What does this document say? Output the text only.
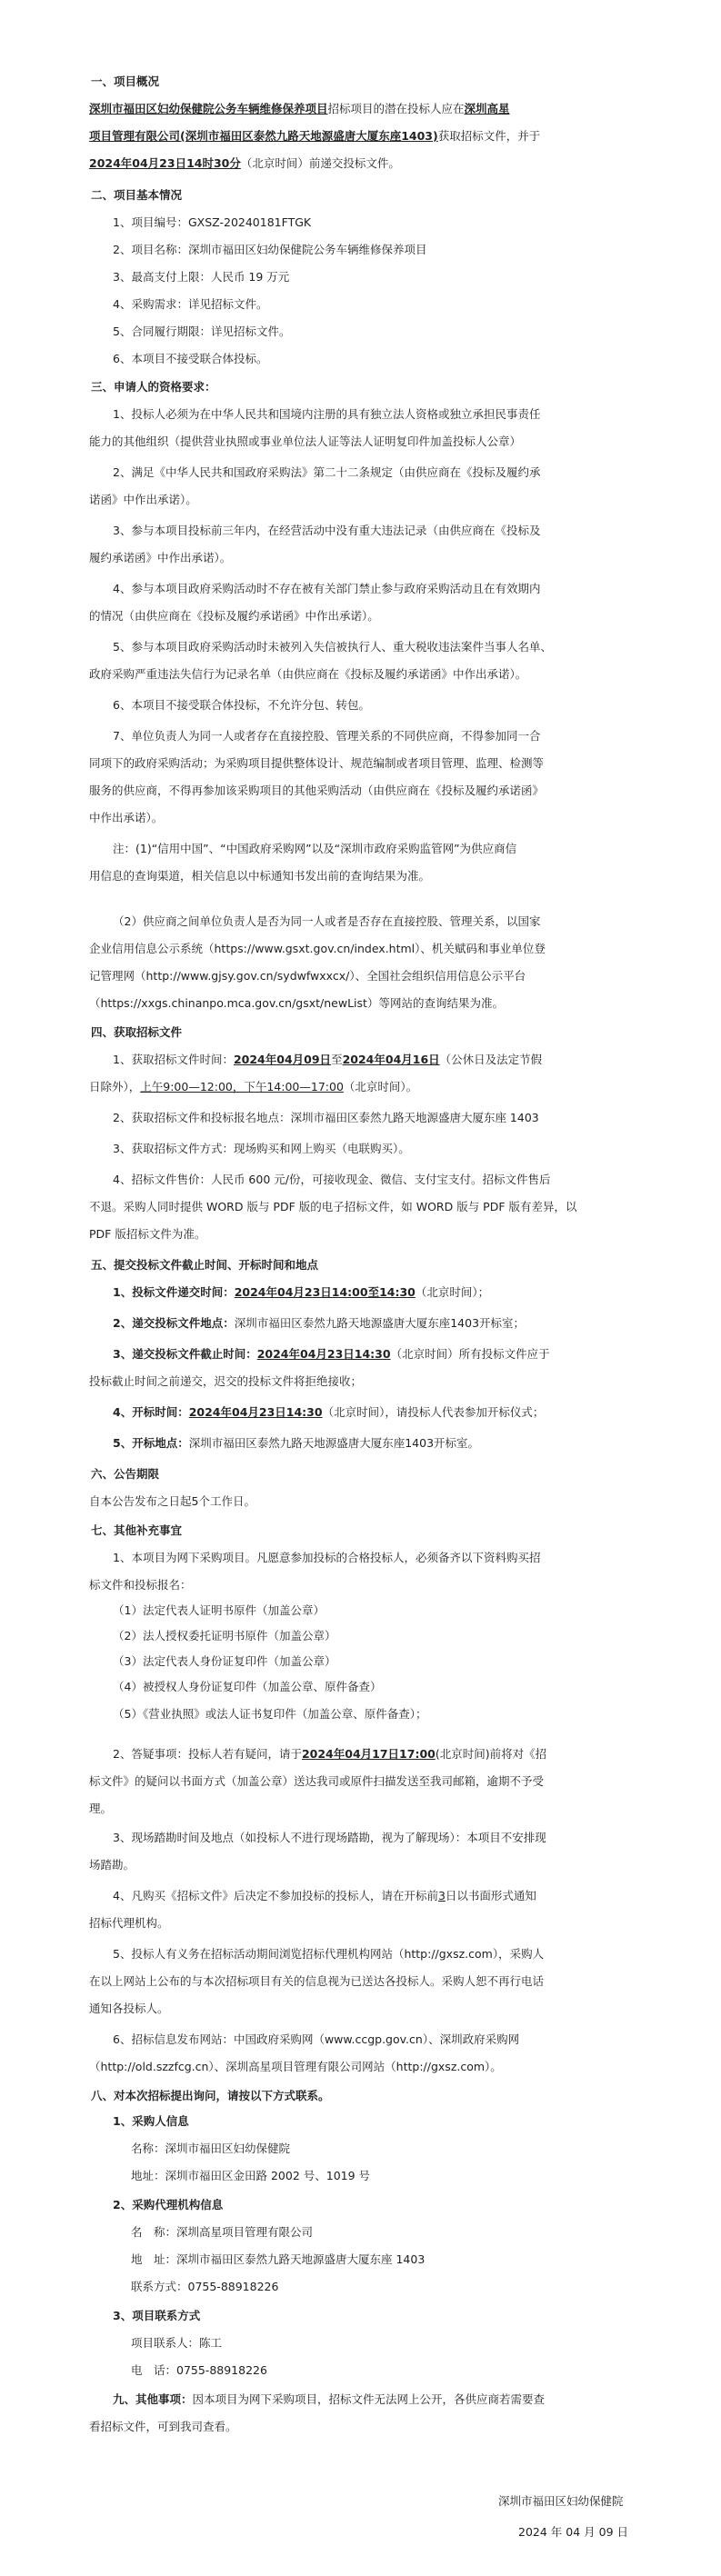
一、项目概况
深圳市福田区妇幼保健院公务车辆维修保养项目招标项目的潜在投标人应在深圳高星
项目管理有限公司(深圳市福田区泰然九路天地源盛唐大厦东座1403)获取招标文件，并于
2024年04月23日14时30分（北京时间）前递交投标文件。
二、项目基本情况
1、项目编号：GXSZ-20240181FTGK
2、项目名称：深圳市福田区妇幼保健院公务车辆维修保养项目
3、最高支付上限：人民币 19 万元
4、采购需求：详见招标文件。
5、合同履行期限：详见招标文件。
6、本项目不接受联合体投标。
三、申请人的资格要求：
1、投标人必须为在中华人民共和国境内注册的具有独立法人资格或独立承担民事责任
能力的其他组织（提供营业执照或事业单位法人证等法人证明复印件加盖投标人公章）
2、满足《中华人民共和国政府采购法》第二十二条规定（由供应商在《投标及履约承
诺函》中作出承诺）。
3、参与本项目投标前三年内，在经营活动中没有重大违法记录（由供应商在《投标及
履约承诺函》中作出承诺）。
4、参与本项目政府采购活动时不存在被有关部门禁止参与政府采购活动且在有效期内
的情况（由供应商在《投标及履约承诺函》中作出承诺）。
5、参与本项目政府采购活动时未被列入失信被执行人、重大税收违法案件当事人名单、
政府采购严重违法失信行为记录名单（由供应商在《投标及履约承诺函》中作出承诺）。
6、本项目不接受联合体投标，不允许分包、转包。
7、单位负责人为同一人或者存在直接控股、管理关系的不同供应商，不得参加同一合
同项下的政府采购活动；为采购项目提供整体设计、规范编制或者项目管理、监理、检测等
服务的供应商，不得再参加该采购项目的其他采购活动（由供应商在《投标及履约承诺函》
中作出承诺）。
注：(1)“信用中国”、“中国政府采购网”以及“深圳市政府采购监管网”为供应商信
用信息的查询渠道，相关信息以中标通知书发出前的查询结果为准。
（2）供应商之间单位负责人是否为同一人或者是否存在直接控股、管理关系，以国家
企业信用信息公示系统（https://www.gsxt.gov.cn/index.html）、机关赋码和事业单位登
记管理网（http://www.gjsy.gov.cn/sydwfwxxcx/）、全国社会组织信用信息公示平台
（https://xxgs.chinanpo.mca.gov.cn/gsxt/newList）等网站的查询结果为准。
四、获取招标文件
1、获取招标文件时间：2024年04月09日至2024年04月16日（公休日及法定节假
日除外），上午9:00—12:00，下午14:00—17:00（北京时间）。
2、获取招标文件和投标报名地点：深圳市福田区泰然九路天地源盛唐大厦东座 1403
3、获取招标文件方式：现场购买和网上购买（电联购买）。
4、招标文件售价：人民币 600 元/份，可接收现金、微信、支付宝支付。招标文件售后
不退。采购人同时提供 WORD 版与 PDF 版的电子招标文件，如 WORD 版与 PDF 版有差异，以
PDF 版招标文件为准。
五、提交投标文件截止时间、开标时间和地点
1、投标文件递交时间：2024年04月23日14:00至14:30（北京时间）；
2、递交投标文件地点：深圳市福田区泰然九路天地源盛唐大厦东座1403开标室；
3、递交投标文件截止时间：2024年04月23日14:30（北京时间）所有投标文件应于
投标截止时间之前递交，迟交的投标文件将拒绝接收；
4、开标时间：2024年04月23日14:30（北京时间），请投标人代表参加开标仪式；
5、开标地点：深圳市福田区泰然九路天地源盛唐大厦东座1403开标室。
六、公告期限
自本公告发布之日起5个工作日。
七、其他补充事宜
1、本项目为网下采购项目。凡愿意参加投标的合格投标人，必须备齐以下资料购买招
标文件和投标报名：
（1）法定代表人证明书原件（加盖公章）
（2）法人授权委托证明书原件（加盖公章）
（3）法定代表人身份证复印件（加盖公章）
（4）被授权人身份证复印件（加盖公章、原件备查）
（5）《营业执照》或法人证书复印件（加盖公章、原件备查）；
2、答疑事项：投标人若有疑问，请于2024年04月17日17:00(北京时间)前将对《招
标文件》的疑问以书面方式（加盖公章）送达我司或原件扫描发送至我司邮箱，逾期不予受
理。
3、现场踏勘时间及地点（如投标人不进行现场踏勘，视为了解现场）：本项目不安排现
场踏勘。
4、凡购买《招标文件》后决定不参加投标的投标人，请在开标前3日以书面形式通知
招标代理机构。
5、投标人有义务在招标活动期间浏览招标代理机构网站（http://gxsz.com），采购人
在以上网站上公布的与本次招标项目有关的信息视为已送达各投标人。采购人恕不再行电话
通知各投标人。
6、招标信息发布网站：中国政府采购网（www.ccgp.gov.cn）、深圳政府采购网
（http://old.szzfcg.cn）、深圳高星项目管理有限公司网站（http://gxsz.com）。
八、对本次招标提出询问，请按以下方式联系。
1、采购人信息
名称：深圳市福田区妇幼保健院
地址：深圳市福田区金田路 2002 号、1019 号
2、采购代理机构信息
名　称：深圳高星项目管理有限公司
地　址：深圳市福田区泰然九路天地源盛唐大厦东座 1403
联系方式：0755-88918226
3、项目联系方式
项目联系人：陈工
电　话：0755-88918226
九、其他事项：因本项目为网下采购项目，招标文件无法网上公开，各供应商若需要查
看招标文件，可到我司查看。
深圳市福田区妇幼保健院
2024 年 04 月 09 日
